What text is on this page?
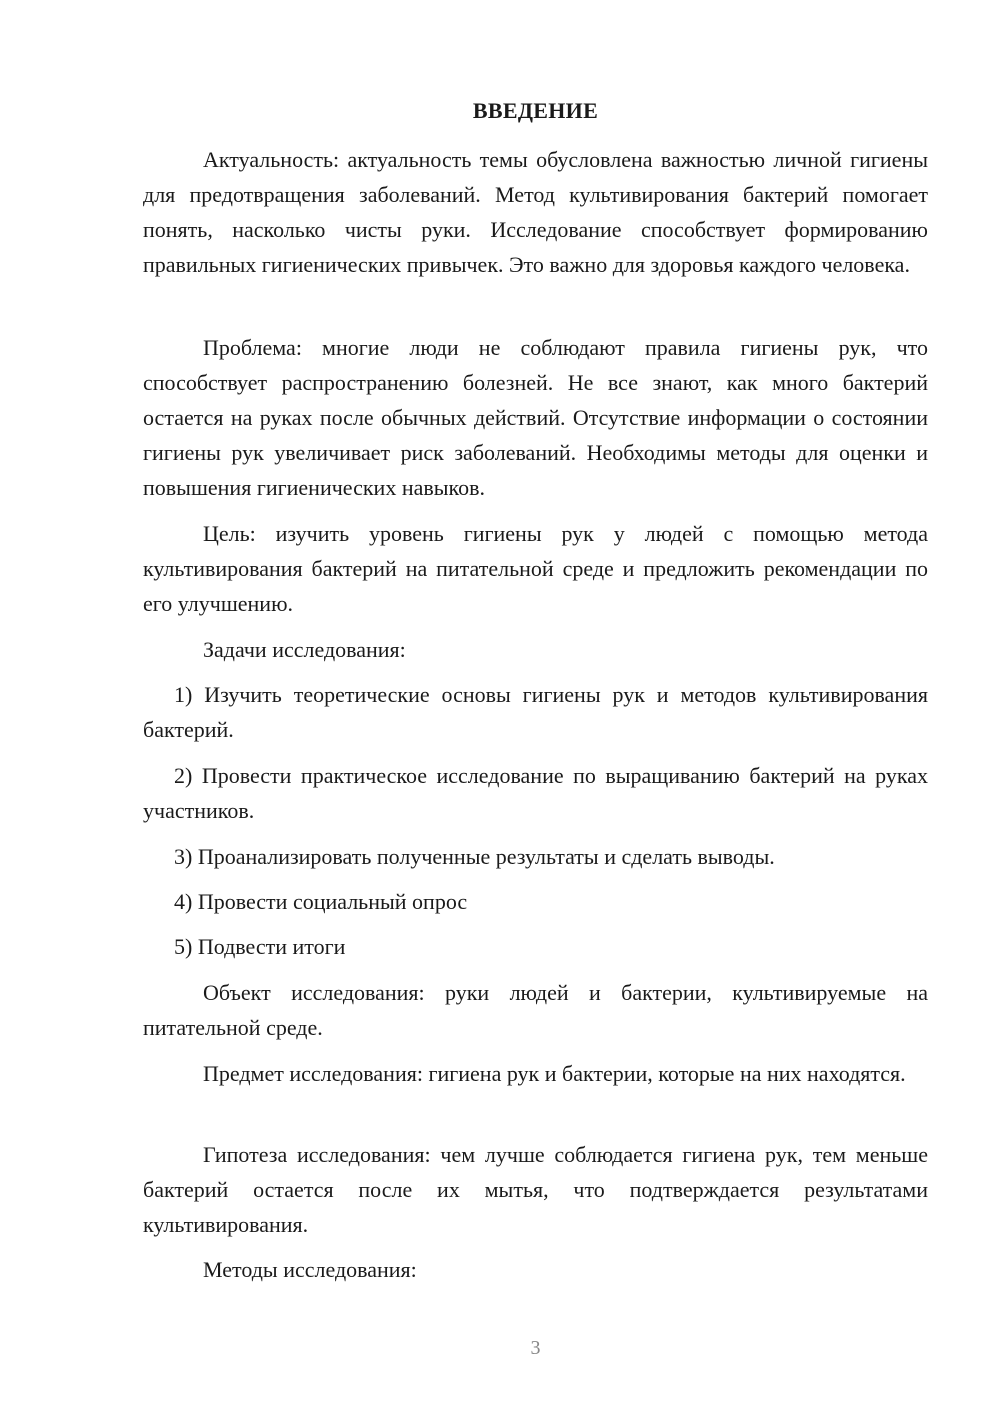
ВВЕДЕНИЕ

Актуальность: актуальность темы обусловлена важностью личной гигиены для предотвращения заболеваний. Метод культивирования бактерий помогает понять, насколько чисты руки. Исследование способствует формированию правильных гигиенических привычек. Это важно для здоровья каждого человека.

Проблема: многие люди не соблюдают правила гигиены рук, что способствует распространению болезней. Не все знают, как много бактерий остается на руках после обычных действий. Отсутствие информации о состоянии гигиены рук увеличивает риск заболеваний. Необходимы методы для оценки и повышения гигиенических навыков.

Цель: изучить уровень гигиены рук у людей с помощью метода культивирования бактерий на питательной среде и предложить рекомендации по его улучшению.

Задачи исследования:

1) Изучить теоретические основы гигиены рук и методов культивирования бактерий.

2) Провести практическое исследование по выращиванию бактерий на руках участников.

3) Проанализировать полученные результаты и сделать выводы.

4) Провести социальный опрос

5) Подвести итоги

Объект исследования: руки людей и бактерии, культивируемые на питательной среде.

Предмет исследования: гигиена рук и бактерии, которые на них находятся.

Гипотеза исследования: чем лучше соблюдается гигиена рук, тем меньше бактерий остается после их мытья, что подтверждается результатами культивирования.

Методы исследования:

3
